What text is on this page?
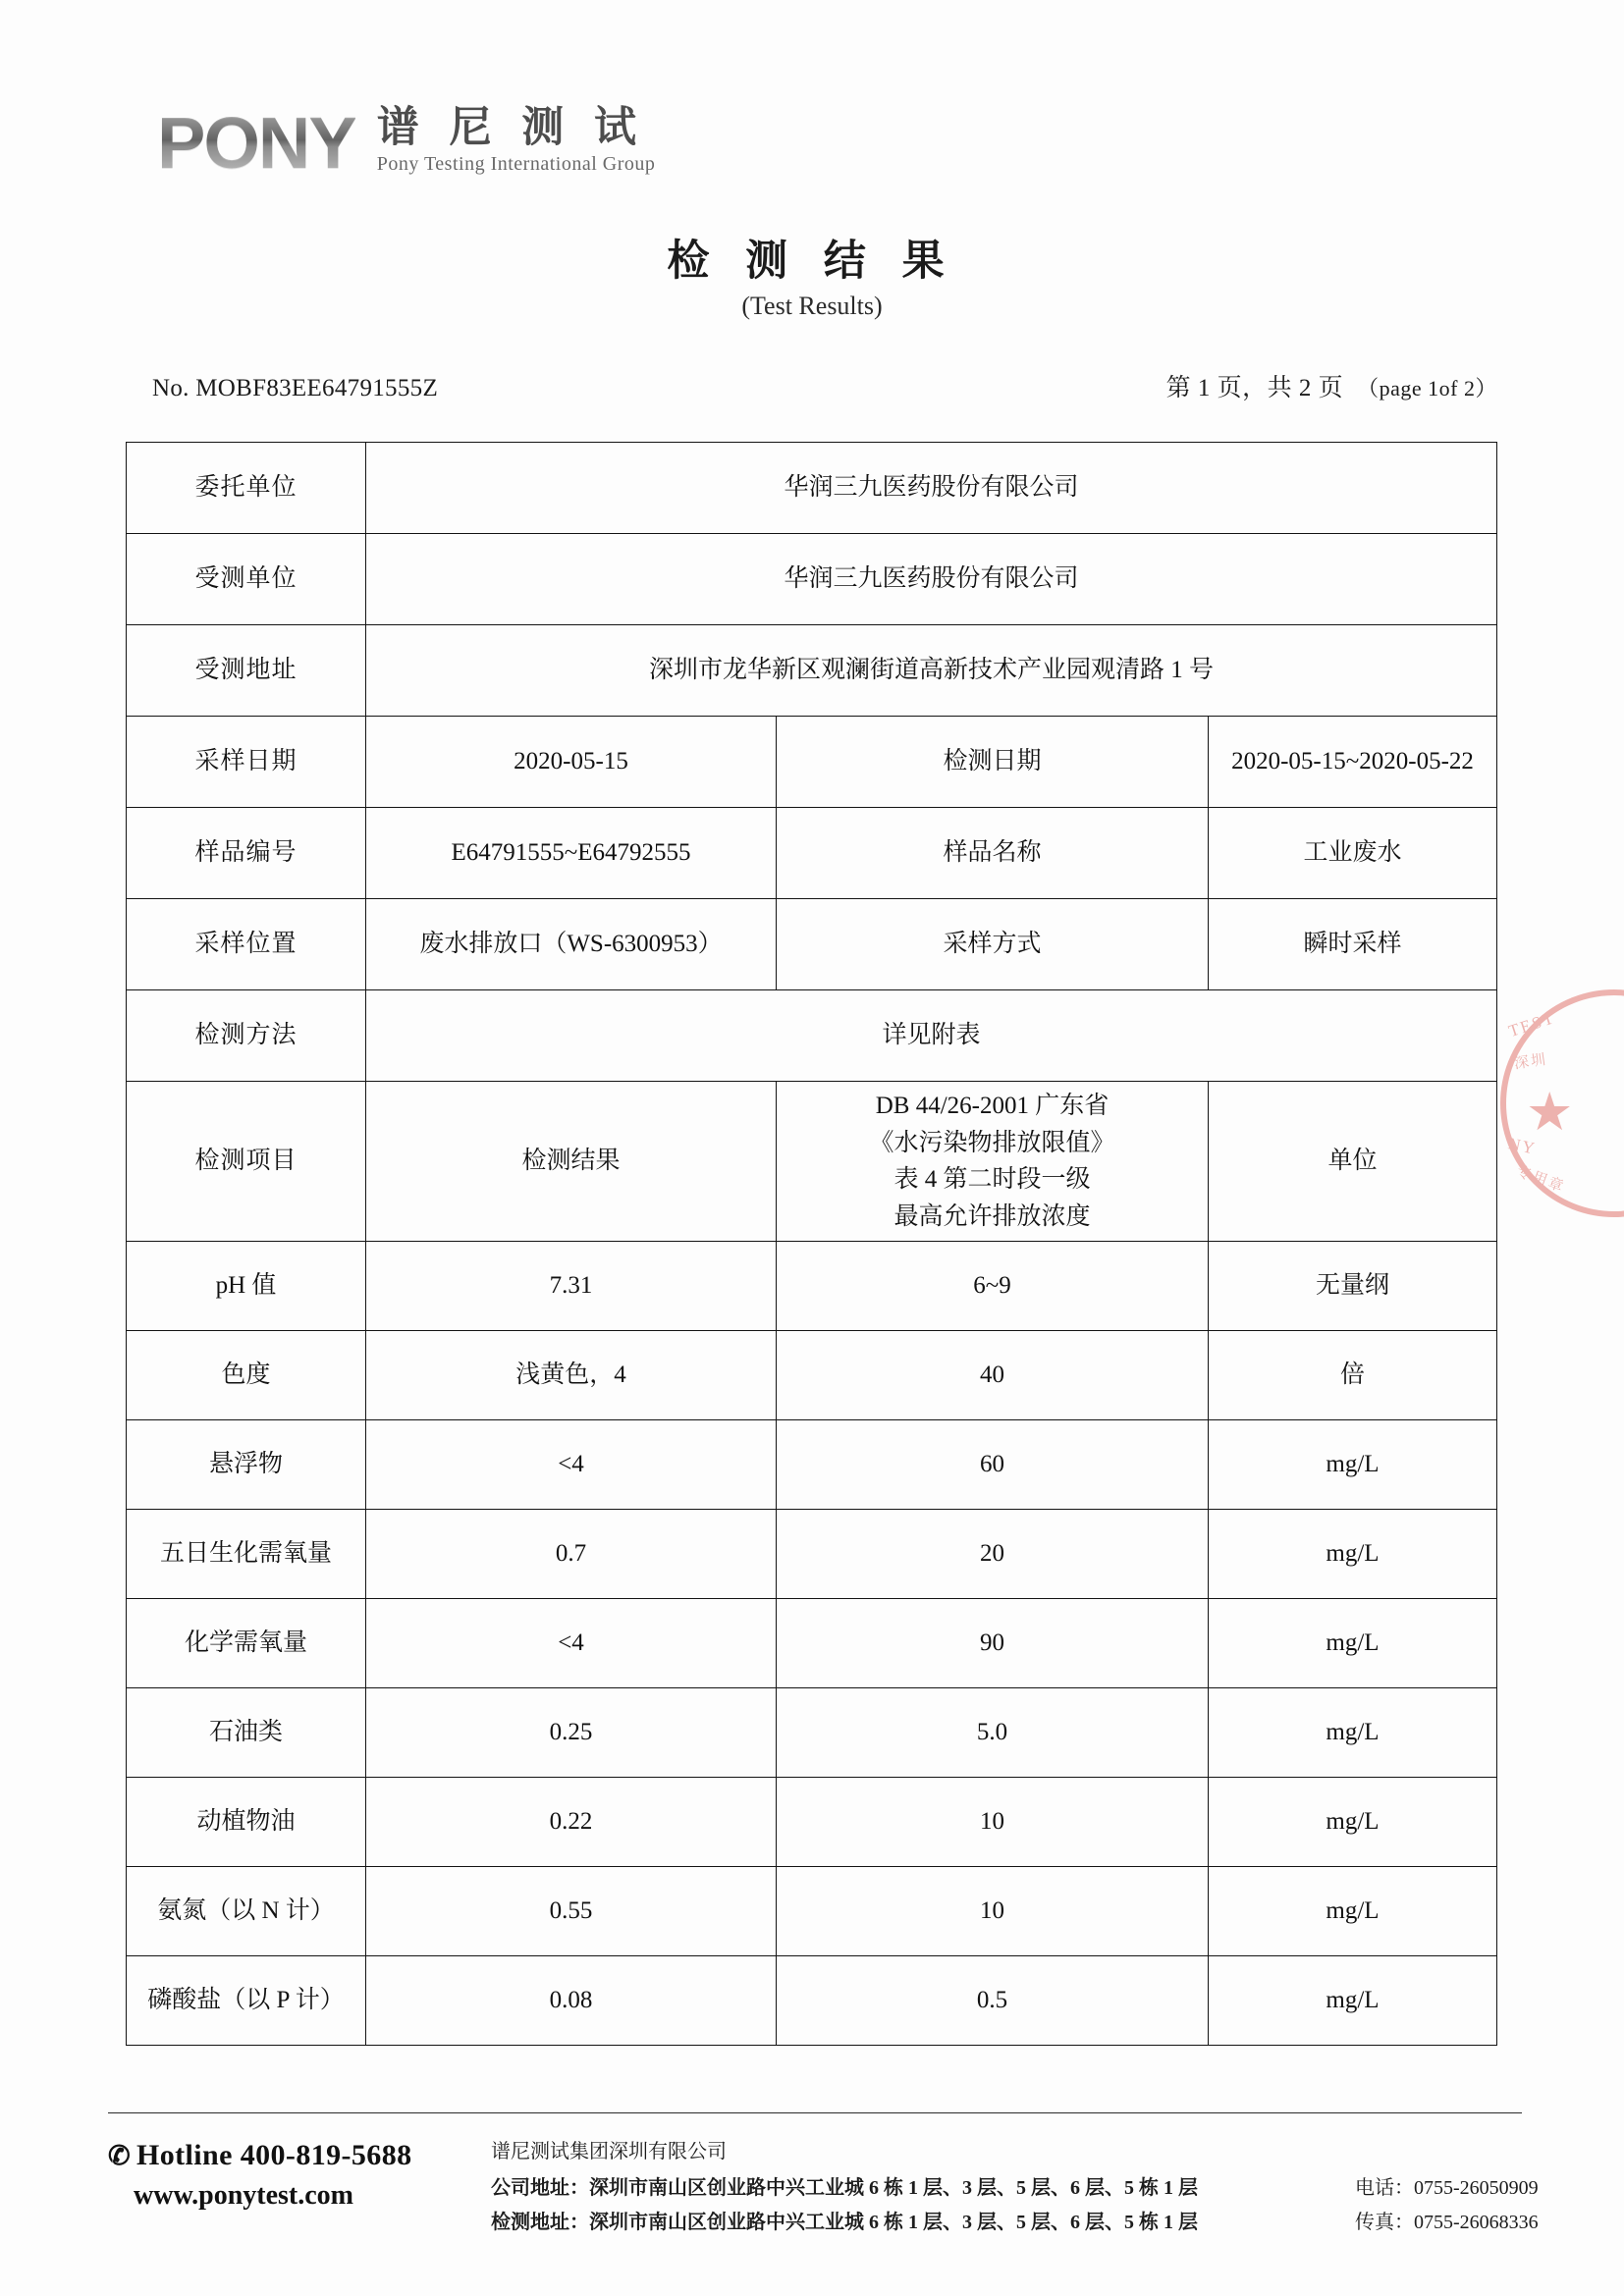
PONY 谱 尼 测 试
Pony Testing International Group
检 测 结 果
(Test Results)
No. MOBF83EE64791555Z	第 1 页，共 2 页 （page 1of 2）
委托单位	华润三九医药股份有限公司		
受测单位	华润三九医药股份有限公司		
受测地址	深圳市龙华新区观澜街道高新技术产业园观清路 1 号		
采样日期	2020-05-15	检测日期	2020-05-15~2020-05-22
样品编号	E64791555~E64792555	样品名称	工业废水
采样位置	废水排放口（WS-6300953）	采样方式	瞬时采样
检测方法	详见附表		
检测项目	检测结果	DB 44/26-2001 广东省
《水污染物排放限值》
表 4 第二时段一级
最高允许排放浓度	单位
pH 值	7.31	6~9	无量纲
色度	浅黄色，4	40	倍
悬浮物	<4	60	mg/L
五日生化需氧量	0.7	20	mg/L
化学需氧量	<4	90	mg/L
石油类	0.25	5.0	mg/L
动植物油	0.22	10	mg/L
氨氮（以 N 计）	0.55	10	mg/L
磷酸盐（以 P 计）	0.08	0.5	mg/L
★
TEST
深圳
NY
专用章
✆ Hotline 400-819-5688
www.ponytest.com
谱尼测试集团深圳有限公司
公司地址：深圳市南山区创业路中兴工业城 6 栋 1 层、3 层、5 层、6 层、5 栋 1 层	电话：0755-26050909
检测地址：深圳市南山区创业路中兴工业城 6 栋 1 层、3 层、5 层、6 层、5 栋 1 层	传真：0755-26068336
